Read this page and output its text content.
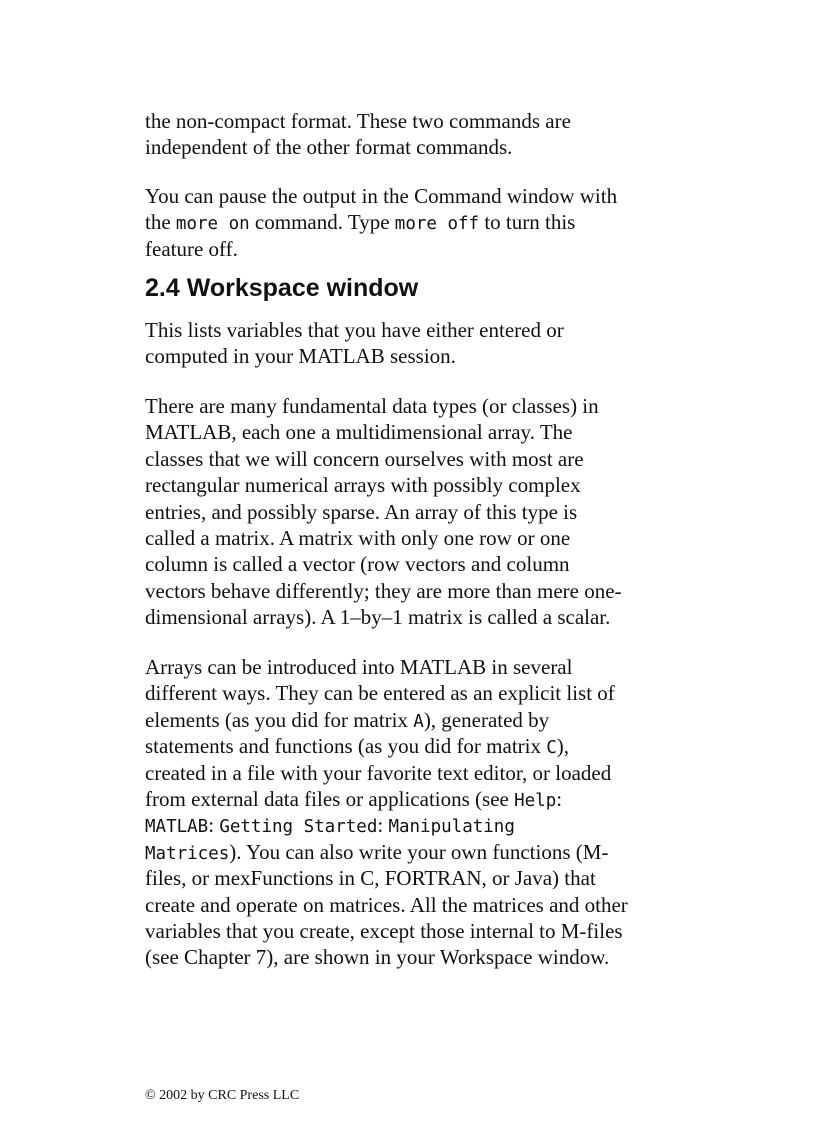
the non-compact format. These two commands are
independent of the other format commands.
You can pause the output in the Command window with
the more on command. Type more off to turn this
feature off.
2.4 Workspace window
This lists variables that you have either entered or
computed in your MATLAB session.
There are many fundamental data types (or classes) in
MATLAB, each one a multidimensional array. The
classes that we will concern ourselves with most are
rectangular numerical arrays with possibly complex
entries, and possibly sparse. An array of this type is
called a matrix. A matrix with only one row or one
column is called a vector (row vectors and column
vectors behave differently; they are more than mere one-
dimensional arrays). A 1–by–1 matrix is called a scalar.
Arrays can be introduced into MATLAB in several
different ways. They can be entered as an explicit list of
elements (as you did for matrix A), generated by
statements and functions (as you did for matrix C),
created in a file with your favorite text editor, or loaded
from external data files or applications (see Help:
MATLAB: Getting Started: Manipulating
Matrices). You can also write your own functions (M-
files, or mexFunctions in C, FORTRAN, or Java) that
create and operate on matrices. All the matrices and other
variables that you create, except those internal to M-files
(see Chapter 7), are shown in your Workspace window.
© 2002 by CRC Press LLC
